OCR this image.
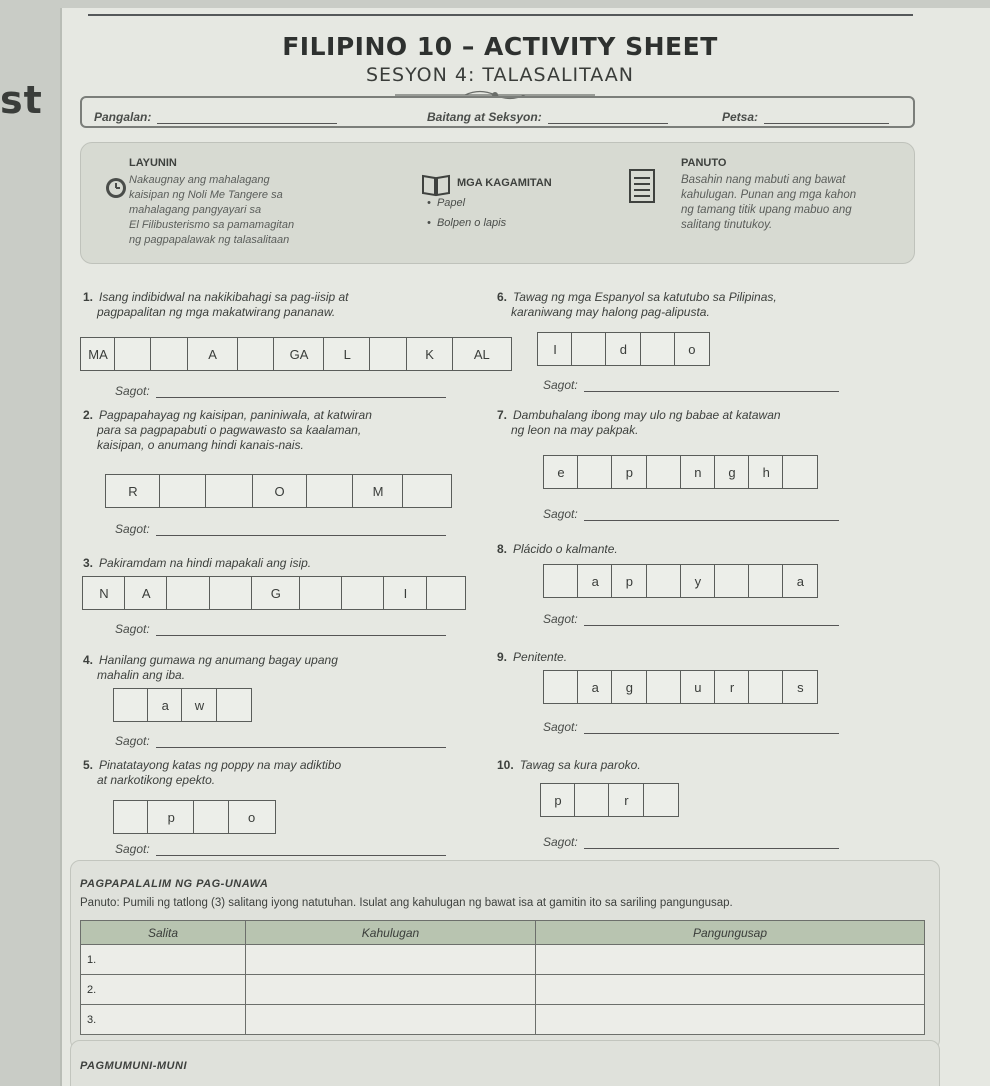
st
FILIPINO 10 – ACTIVITY SHEET
SESYON 4: TALASALITAAN
Pangalan:	Baitang at Seksyon:	Petsa:
LAYUNIN
Nakaugnay ang mahalagang
kaisipan ng Noli Me Tangere sa
mahalagang pangyayari sa
El Filibusterismo sa pamamagitan
ng pagpapalawak ng talasalitaan
MGA KAGAMITAN
•  Papel
•  Bolpen o lapis
PANUTO
Basahin nang mabuti ang bawat
kahulugan. Punan ang mga kahon
ng tamang titik upang mabuo ang
salitang tinutukoy.
1. Isang indibidwal na nakikibahagi sa pag-iisip at
pagpapalitan ng mga makatwirang pananaw.
MA	A	GA	L	K	AL
Sagot:
2. Pagpapahayag ng kaisipan, paniniwala, at katwiran
para sa pagpapabuti o pagwawasto sa kaalaman,
kaisipan, o anumang hindi kanais-nais.
R	O	M
Sagot:
3. Pakiramdam na hindi mapakali ang isip.
N	A	G	I
Sagot:
4. Hanilang gumawa ng anumang bagay upang
mahalin ang iba.
a	w
Sagot:
5. Pinatatayong katas ng poppy na may adiktibo
at narkotikong epekto.
p	o
Sagot:
6. Tawag ng mga Espanyol sa katutubo sa Pilipinas,
karaniwang may halong pag-alipusta.
I	d	o
Sagot:
7. Dambuhalang ibong may ulo ng babae at katawan
ng leon na may pakpak.
e	p	n	g	h
Sagot:
8. Plácido o kalmante.
a	p	y	a
Sagot:
9. Penitente.
a	g	u	r	s
Sagot:
10. Tawag sa kura paroko.
p	r
Sagot:
PAGPAPALALIM NG PAG-UNAWA
Panuto: Pumili ng tatlong (3) salitang iyong natutuhan. Isulat ang kahulugan ng bawat isa at gamitin ito sa sariling pangungusap.
Salita	Kahulugan	Pangungusap
1.		
2.		
3.		
PAGMUMUNI-MUNI
